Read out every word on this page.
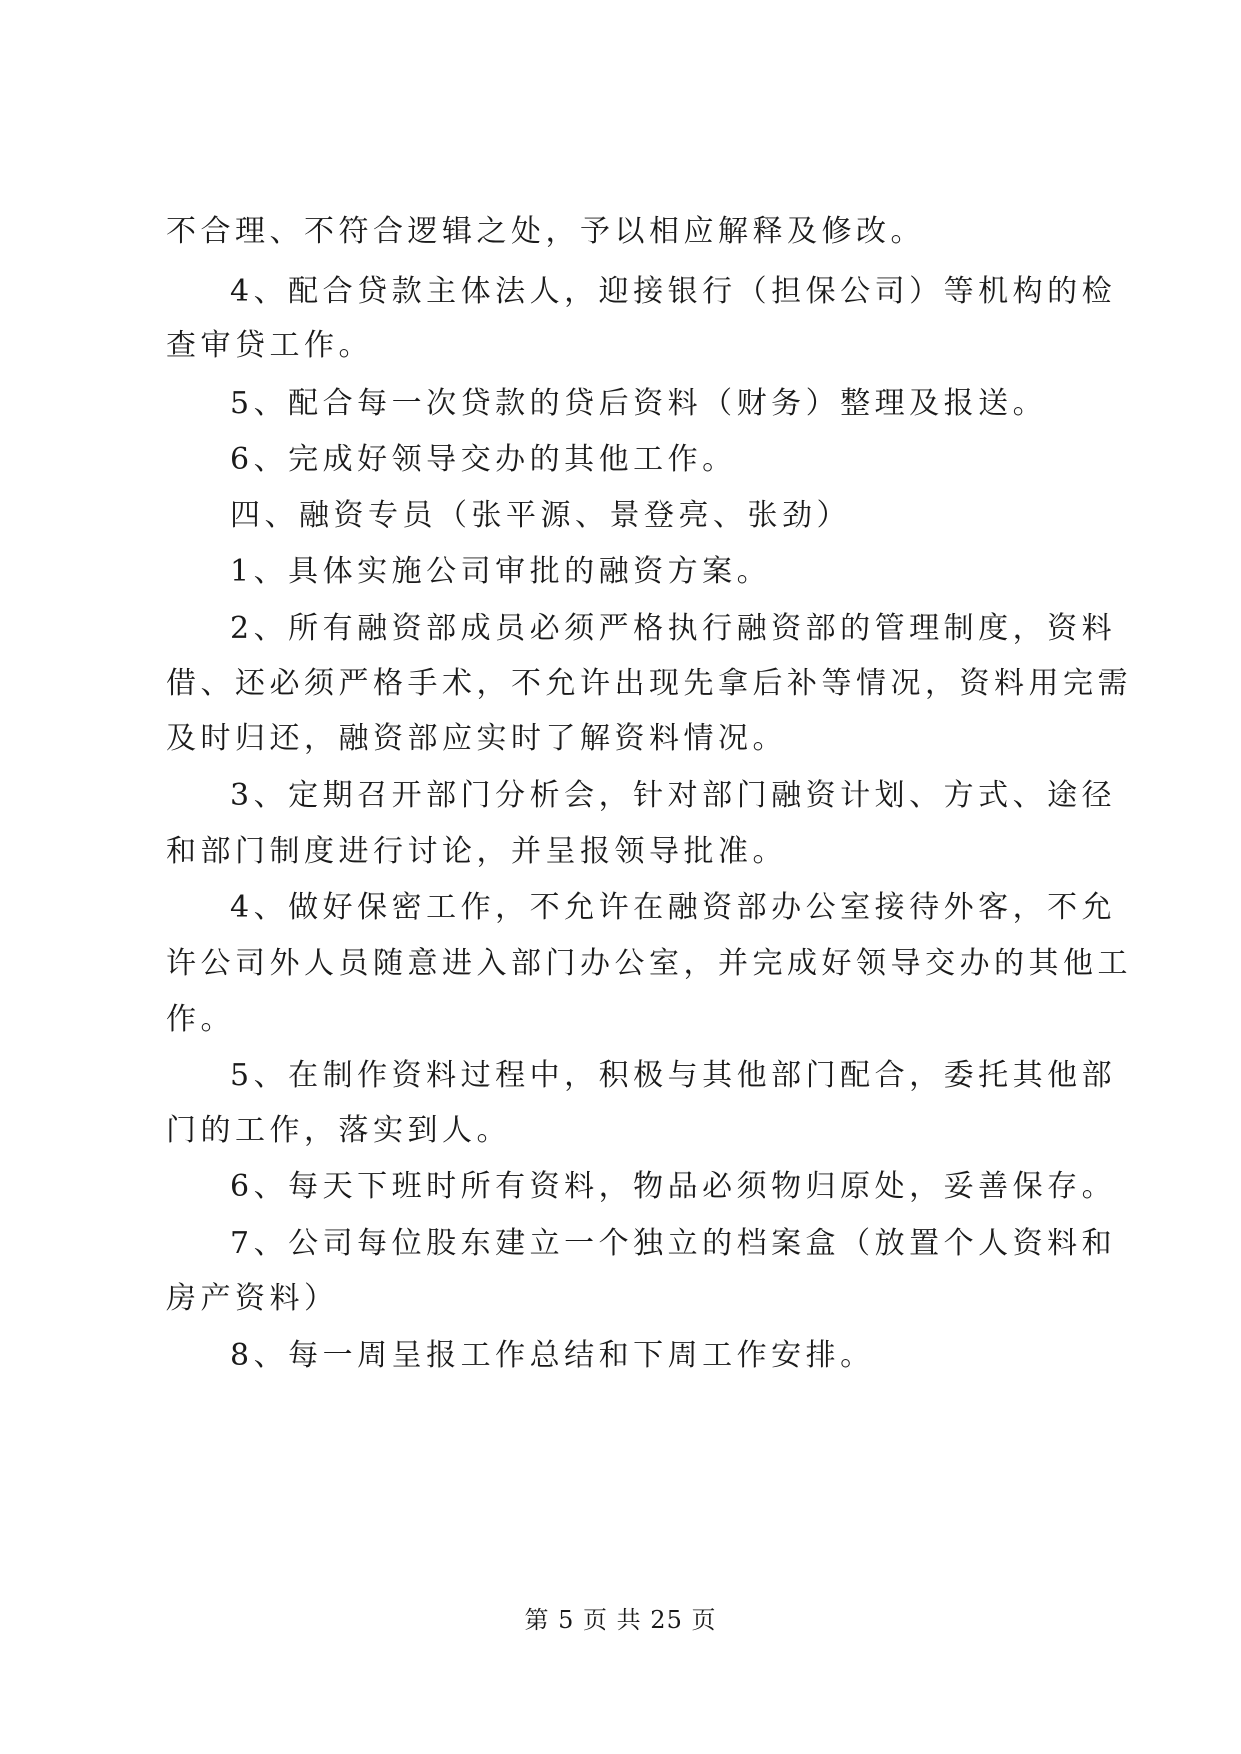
不合理、不符合逻辑之处，予以相应解释及修改。
4、配合贷款主体法人，迎接银行（担保公司）等机构的检
查审贷工作。
5、配合每一次贷款的贷后资料（财务）整理及报送。
6、完成好领导交办的其他工作。
四、融资专员（张平源、景登亮、张劲）
1、具体实施公司审批的融资方案。
2、所有融资部成员必须严格执行融资部的管理制度，资料
借、还必须严格手术，不允许出现先拿后补等情况，资料用完需
及时归还，融资部应实时了解资料情况。
3、定期召开部门分析会，针对部门融资计划、方式、途径
和部门制度进行讨论，并呈报领导批准。
4、做好保密工作，不允许在融资部办公室接待外客，不允
许公司外人员随意进入部门办公室，并完成好领导交办的其他工
作。
5、在制作资料过程中，积极与其他部门配合，委托其他部
门的工作，落实到人。
6、每天下班时所有资料，物品必须物归原处，妥善保存。
7、公司每位股东建立一个独立的档案盒（放置个人资料和
房产资料）
8、每一周呈报工作总结和下周工作安排。
第 5 页 共 25 页
